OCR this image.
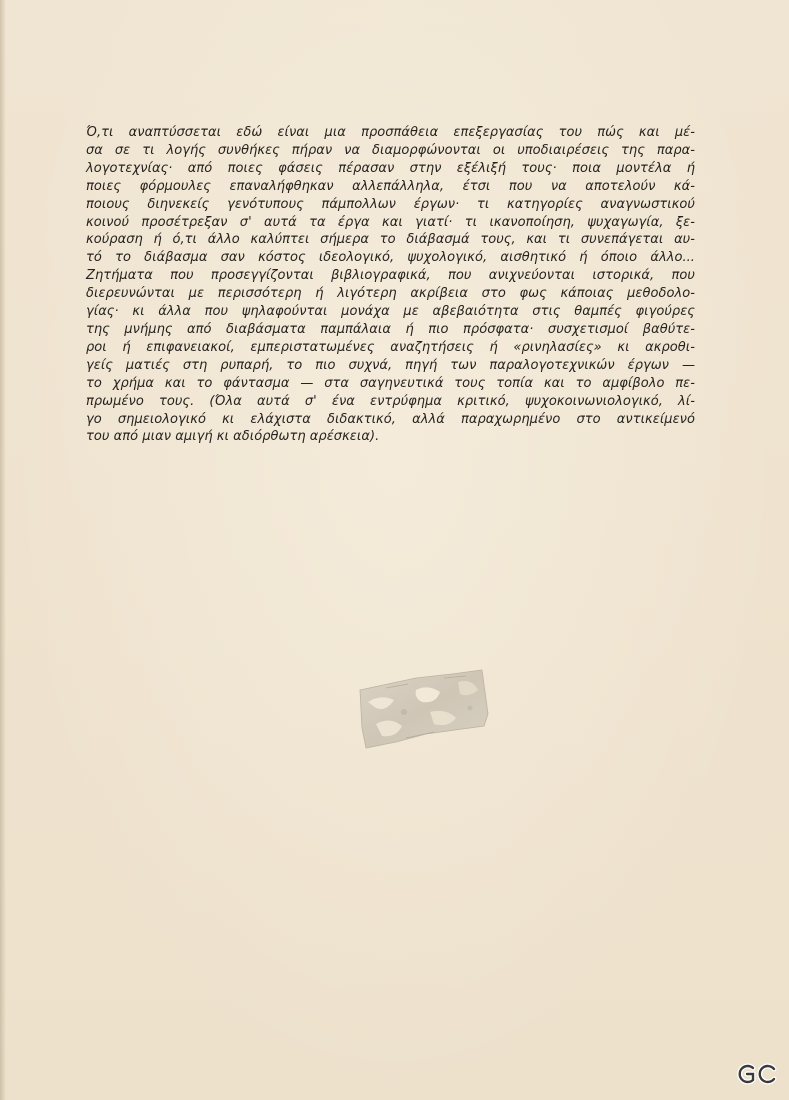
Ό,τι αναπτύσσεται εδώ είναι μια προσπάθεια επεξεργασίας του πώς και μέ-
σα σε τι λογής συνθήκες πήραν να διαμορφώνονται οι υποδιαιρέσεις της παρα-
λογοτεχνίας· από ποιες φάσεις πέρασαν στην εξέλιξή τους· ποια μοντέλα ή
ποιες φόρμουλες επαναλήφθηκαν αλλεπάλληλα, έτσι που να αποτελούν κά-
ποιους διηνεκείς γενότυπους πάμπολλων έργων· τι κατηγορίες αναγνωστικού
κοινού προσέτρεξαν σ' αυτά τα έργα και γιατί· τι ικανοποίηση, ψυχαγωγία, ξε-
κούραση ή ό,τι άλλο καλύπτει σήμερα το διάβασμά τους, και τι συνεπάγεται αυ-
τό το διάβασμα σαν κόστος ιδεολογικό, ψυχολογικό, αισθητικό ή όποιο άλλο...
Ζητήματα που προσεγγίζονται βιβλιογραφικά, που ανιχνεύονται ιστορικά, που
διερευνώνται με περισσότερη ή λιγότερη ακρίβεια στο φως κάποιας μεθοδολο-
γίας· κι άλλα που ψηλαφούνται μονάχα με αβεβαιότητα στις θαμπές φιγούρες
της μνήμης από διαβάσματα παμπάλαια ή πιο πρόσφατα· συσχετισμοί βαθύτε-
ροι ή επιφανειακοί, εμπεριστατωμένες αναζητήσεις ή «ρινηλασίες» κι ακροθι-
γείς ματιές στη ρυπαρή, το πιο συχνά, πηγή των παραλογοτεχνικών έργων —
το χρήμα και το φάντασμα — στα σαγηνευτικά τους τοπία και το αμφίβολο πε-
πρωμένο τους. (Όλα αυτά σ' ένα εντρύφημα κριτικό, ψυχοκοινωνιολογικό, λί-
γο σημειολογικό κι ελάχιστα διδακτικό, αλλά παραχωρημένο στο αντικείμενό
του από μιαν αμιγή κι αδιόρθωτη αρέσκεια).
